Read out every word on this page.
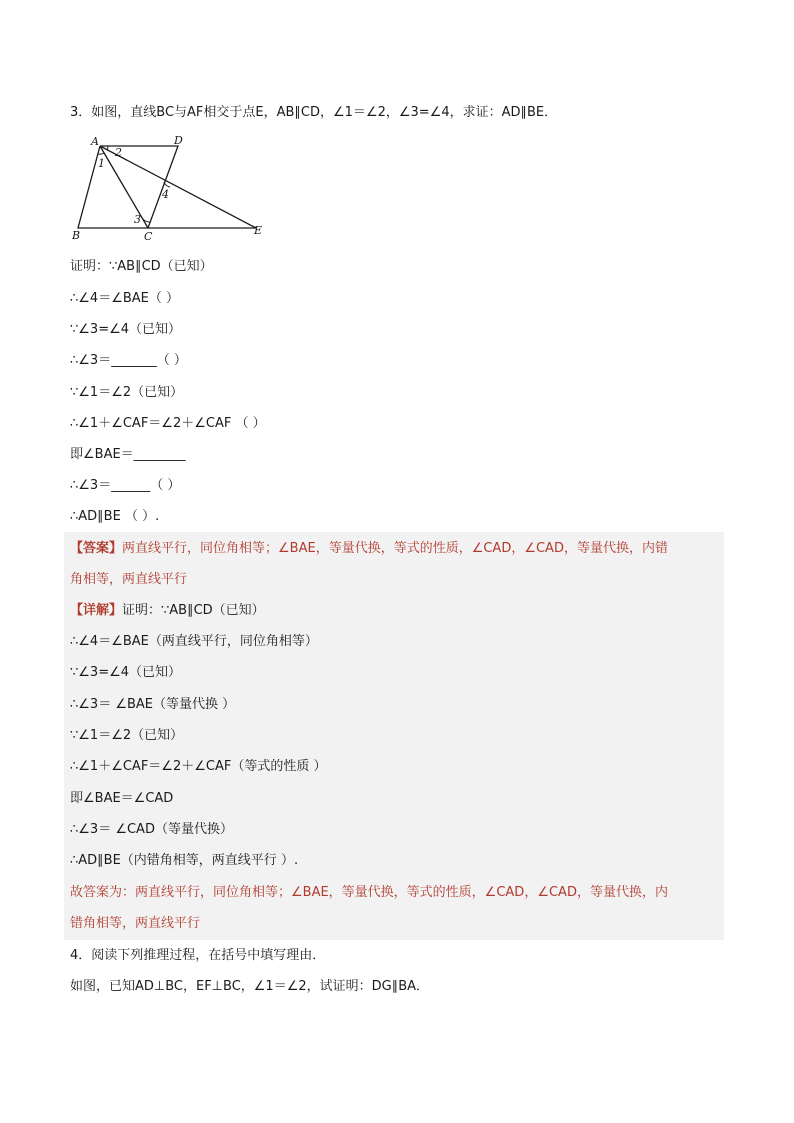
3．如图，直线BC与AF相交于点E，AB∥CD，∠1＝∠2，∠3=∠4，求证：AD∥BE．
A	D
B	C	E
1
2
3
4
证明：∵AB∥CD（已知）
∴∠4＝∠BAE（ ）
∵∠3=∠4（已知）
∴∠3＝_______（ ）
∵∠1＝∠2（已知）
∴∠1＋∠CAF＝∠2＋∠CAF （ ）
即∠BAE＝________
∴∠3＝______（ ）
∴AD∥BE （ ）.
【答案】两直线平行，同位角相等；∠BAE，等量代换，等式的性质，∠CAD，∠CAD，等量代换，内错
角相等，两直线平行
【详解】证明：∵AB∥CD（已知）
∴∠4＝∠BAE（两直线平行，同位角相等）
∵∠3=∠4（已知）
∴∠3＝ ∠BAE（等量代换 ）
∵∠1＝∠2（已知）
∴∠1＋∠CAF＝∠2＋∠CAF（等式的性质 ）
即∠BAE＝∠CAD
∴∠3＝ ∠CAD（等量代换）
∴AD∥BE（内错角相等，两直线平行 ）.
故答案为：两直线平行，同位角相等；∠BAE，等量代换，等式的性质，∠CAD，∠CAD，等量代换，内
错角相等，两直线平行
4．阅读下列推理过程，在括号中填写理由．
如图，已知AD⊥BC，EF⊥BC，∠1＝∠2，试证明：DG∥BA．
